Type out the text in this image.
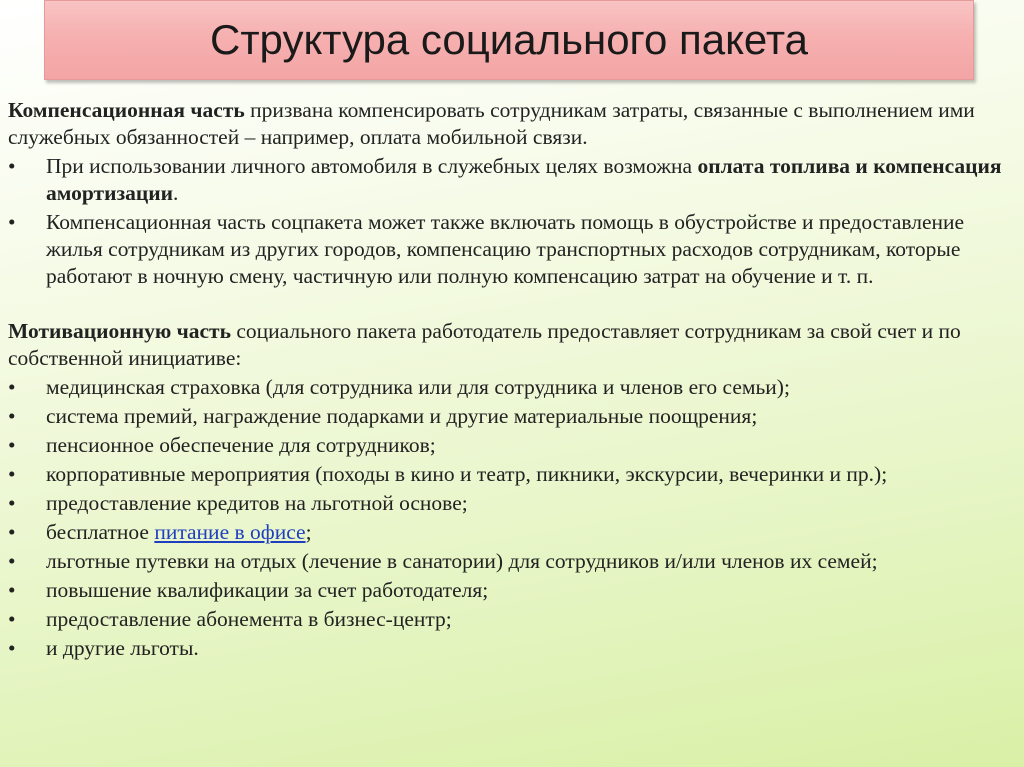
Структура социального пакета

Компенсационная часть призвана компенсировать сотрудникам затраты, связанные с выполнением ими служебных обязанностей – например, оплата мобильной связи.

•	При использовании личного автомобиля в служебных целях возможна оплата топлива и компенсация амортизации.
•	Компенсационная часть соцпакета может также включать помощь в обустройстве и предоставление жилья сотрудникам из других городов, компенсацию транспортных расходов сотрудникам, которые работают в ночную смену, частичную или полную компенсацию затрат на обучение и т. п.

Мотивационную часть социального пакета работодатель предоставляет сотрудникам за свой счет и по собственной инициативе:

•	медицинская страховка (для сотрудника или для сотрудника и членов его семьи);
•	система премий, награждение подарками и другие материальные поощрения;
•	пенсионное обеспечение для сотрудников;
•	корпоративные мероприятия (походы в кино и театр, пикники, экскурсии, вечеринки и пр.);
•	предоставление кредитов на льготной основе;
•	бесплатное питание в офисе;
•	льготные путевки на отдых (лечение в санатории) для сотрудников и/или членов их семей;
•	повышение квалификации за счет работодателя;
•	предоставление абонемента в бизнес-центр;
•	и другие льготы.
